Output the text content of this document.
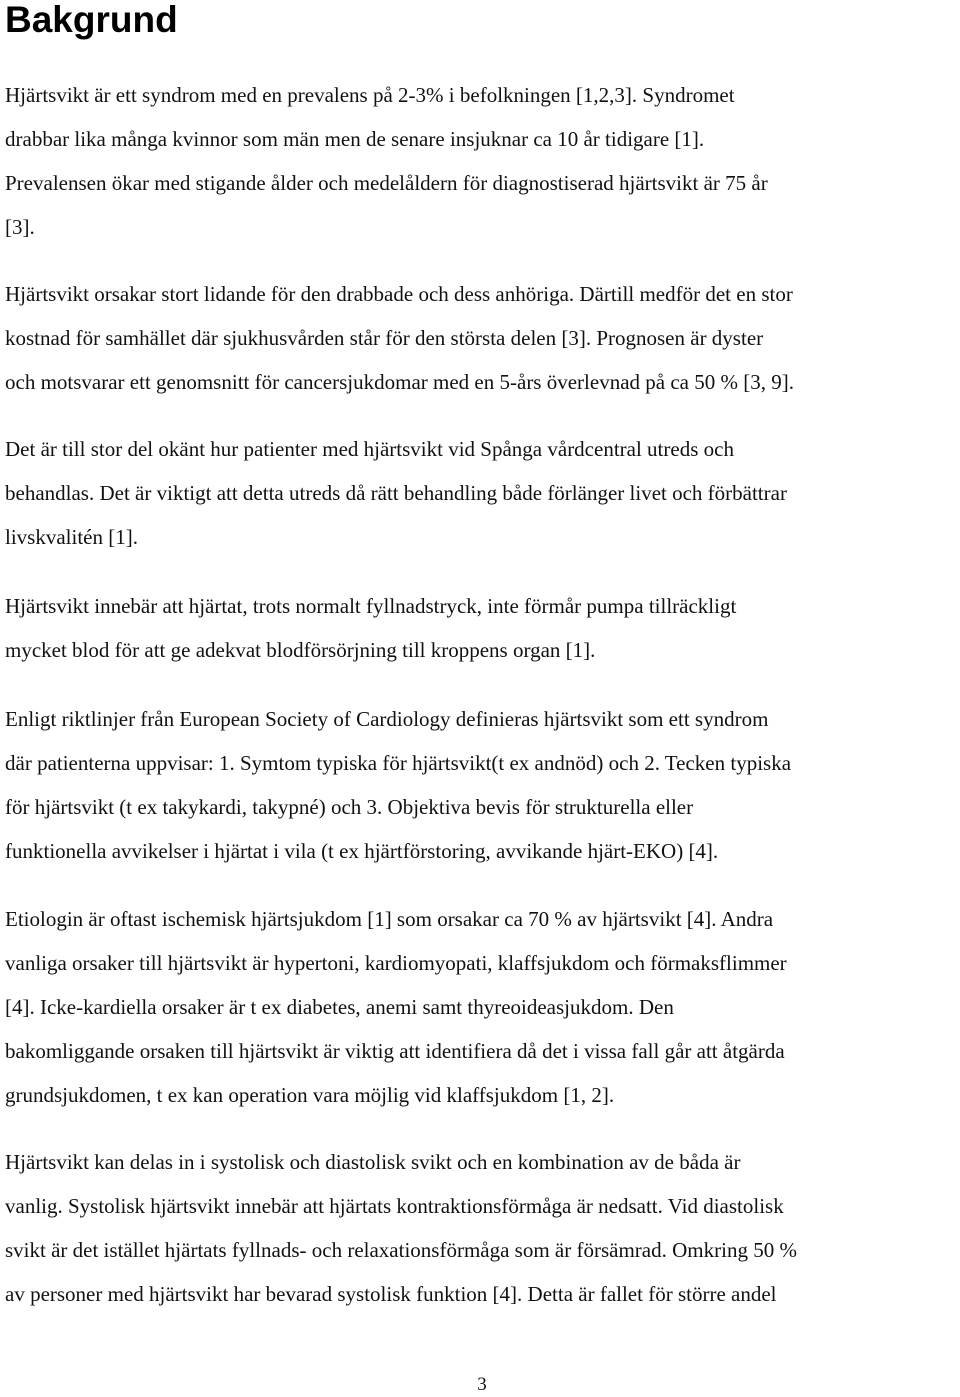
Bakgrund

Hjärtsvikt är ett syndrom med en prevalens på 2-3% i befolkningen [1,2,3]. Syndromet
drabbar lika många kvinnor som män men de senare insjuknar ca 10 år tidigare [1].
Prevalensen ökar med stigande ålder och medelåldern för diagnostiserad hjärtsvikt är 75 år
[3].

Hjärtsvikt orsakar stort lidande för den drabbade och dess anhöriga. Därtill medför det en stor
kostnad för samhället där sjukhusvården står för den största delen [3]. Prognosen är dyster
och motsvarar ett genomsnitt för cancersjukdomar med en 5-års överlevnad på ca 50 % [3, 9].

Det är till stor del okänt hur patienter med hjärtsvikt vid Spånga vårdcentral utreds och
behandlas. Det är viktigt att detta utreds då rätt behandling både förlänger livet och förbättrar
livskvalitén [1].

Hjärtsvikt innebär att hjärtat, trots normalt fyllnadstryck, inte förmår pumpa tillräckligt
mycket blod för att ge adekvat blodförsörjning till kroppens organ [1].

Enligt riktlinjer från European Society of Cardiology definieras hjärtsvikt som ett syndrom
där patienterna uppvisar: 1. Symtom typiska för hjärtsvikt(t ex andnöd) och 2. Tecken typiska
för hjärtsvikt (t ex takykardi, takypné) och 3. Objektiva bevis för strukturella eller
funktionella avvikelser i hjärtat i vila (t ex hjärtförstoring, avvikande hjärt-EKO) [4].

Etiologin är oftast ischemisk hjärtsjukdom [1] som orsakar ca 70 % av hjärtsvikt [4]. Andra
vanliga orsaker till hjärtsvikt är hypertoni, kardiomyopati, klaffsjukdom och förmaksflimmer
[4]. Icke-kardiella orsaker är t ex diabetes, anemi samt thyreoideasjukdom. Den
bakomliggande orsaken till hjärtsvikt är viktig att identifiera då det i vissa fall går att åtgärda
grundsjukdomen, t ex kan operation vara möjlig vid klaffsjukdom [1, 2].

Hjärtsvikt kan delas in i systolisk och diastolisk svikt och en kombination av de båda är
vanlig. Systolisk hjärtsvikt innebär att hjärtats kontraktionsförmåga är nedsatt. Vid diastolisk
svikt är det istället hjärtats fyllnads- och relaxationsförmåga som är försämrad. Omkring 50 %
av personer med hjärtsvikt har bevarad systolisk funktion [4]. Detta är fallet för större andel

3
